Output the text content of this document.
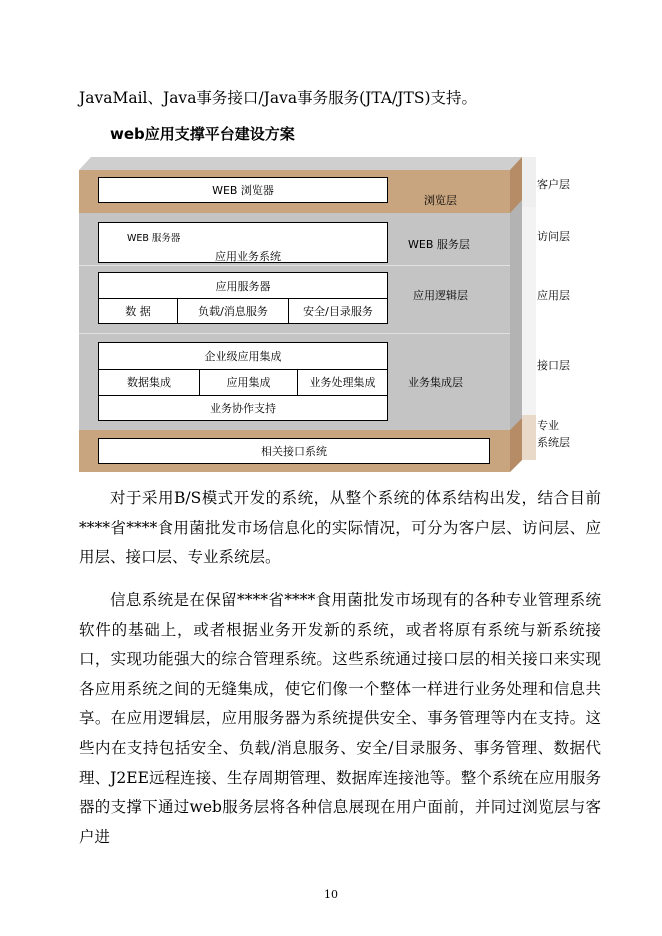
JavaMail、Java事务接口/Java事务服务(JTA/JTS)支持。
web应用支撑平台建设方案
WEB 浏览器
浏览层
WEB 服务器
应用业务系统
WEB 服务层
应用服务器
数 据	负载/消息服务	安全/目录服务
应用逻辑层
企业级应用集成
数据集成	应用集成	业务处理集成
业务协作支持
业务集成层
相关接口系统
客户层
访问层
应用层
接口层
专业
系统层
对于采用B/S模式开发的系统，从整个系统的体系结构出发，结合目前****省****食用菌批发市场信息化的实际情况，可分为客户层、访问层、应用层、接口层、专业系统层。
信息系统是在保留****省****食用菌批发市场现有的各种专业管理系统软件的基础上，或者根据业务开发新的系统，或者将原有系统与新系统接口，实现功能强大的综合管理系统。这些系统通过接口层的相关接口来实现各应用系统之间的无缝集成，使它们像一个整体一样进行业务处理和信息共享。在应用逻辑层，应用服务器为系统提供安全、事务管理等内在支持。这些内在支持包括安全、负载/消息服务、安全/目录服务、事务管理、数据代理、J2EE远程连接、生存周期管理、数据库连接池等。整个系统在应用服务器的支撑下通过web服务层将各种信息展现在用户面前，并同过浏览层与客户进
10
